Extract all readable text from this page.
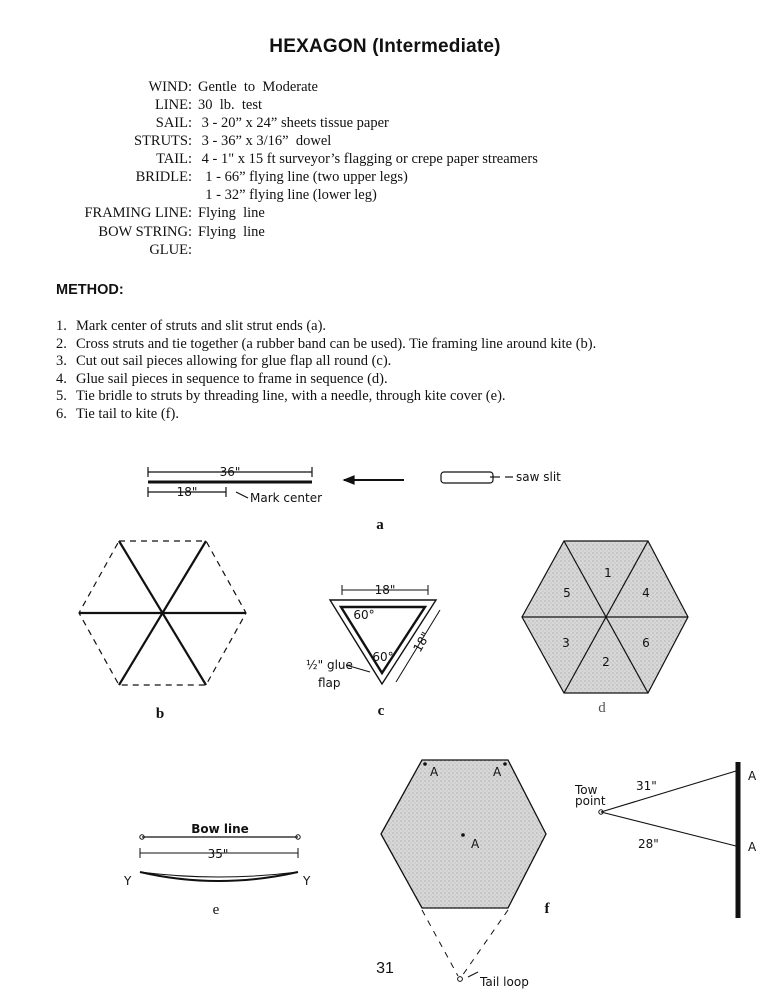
HEXAGON (Intermediate)
WIND: Gentle  to  Moderate
LINE: 30  lb.  test
SAIL: 3 - 20” x 24” sheets tissue paper
STRUTS: 3 - 36” x 3/16”  dowel
TAIL: 4 - 1" x 15 ft surveyor’s flagging or crepe paper streamers
BRIDLE: 1 - 66” flying line (two upper legs)
1 - 32” flying line (lower leg)
FRAMING LINE: Flying  line
BOW STRING: Flying  line
GLUE:
METHOD:
1. Mark center of struts and slit strut ends (a).
2. Cross struts and tie together (a rubber band can be used). Tie framing line around kite (b).
3. Cut out sail pieces allowing for glue flap all round (c).
4. Glue sail pieces in sequence to frame in sequence (d).
5. Tie bridle to struts by threading line, with a needle, through kite cover (e).
6. Tie tail to kite (f).
36"
18"	Mark center
saw slit
a
b
18"
18"
60°
60°
½" glue
flap
c
1
4
6
2
3
5
d
Bow line
35"
Y	Y
e
A	A
A
Tail loop
f
Tow
point
31"
28"
A
A
31
